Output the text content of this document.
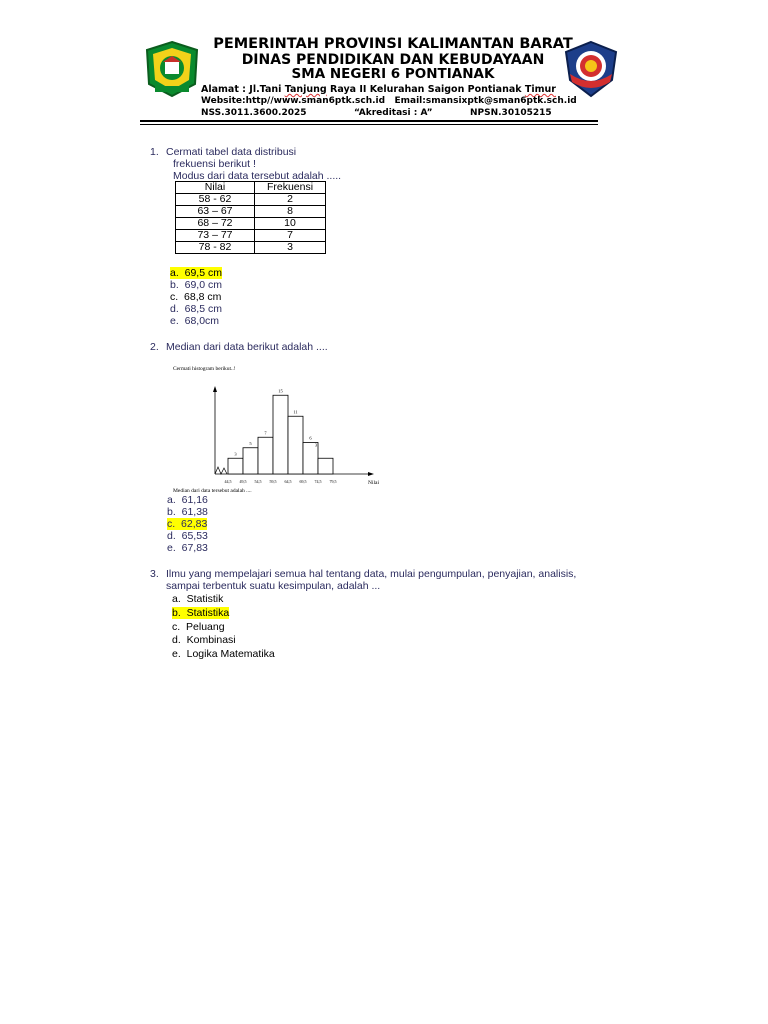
PEMERINTAH PROVINSI KALIMANTAN BARAT
DINAS PENDIDIKAN DAN KEBUDAYAAN
SMA NEGERI 6 PONTIANAK
Alamat : Jl.Tani Tanjung Raya II Kelurahan Saigon Pontianak Timur
Website:http//www.sman6ptk.sch.id Email:smansixptk@sman6ptk.sch.id
NSS.3011.3600.2025	“Akreditasi : A”	NPSN.30105215
1. Cermati tabel data distribusi
frekuensi berikut !
Modus dari data tersebut adalah .....
Nilai	Frekuensi
58 - 62	2
63 – 67	8
68 – 72	10
73 – 77	7
78 - 82	3
a. 69,5 cm
b. 69,0 cm
c. 68,8 cm
d. 68,5 cm
e. 68,0cm
2. Median dari data berikut adalah ....
Cermati histogram berikut..!
3
5
7
15
11
6
3
44,5 49,5 54,5 59,5 64,5 69,5 74,5 79,5	Nilai
Median dari data tersebut adalah ....
a. 61,16
b. 61,38
c. 62,83
d. 65,53
e. 67,83
3. Ilmu yang mempelajari semua hal tentang data, mulai pengumpulan, penyajian, analisis,
sampai terbentuk suatu kesimpulan, adalah ...
a. Statistik
b. Statistika
c. Peluang
d. Kombinasi
e. Logika Matematika
